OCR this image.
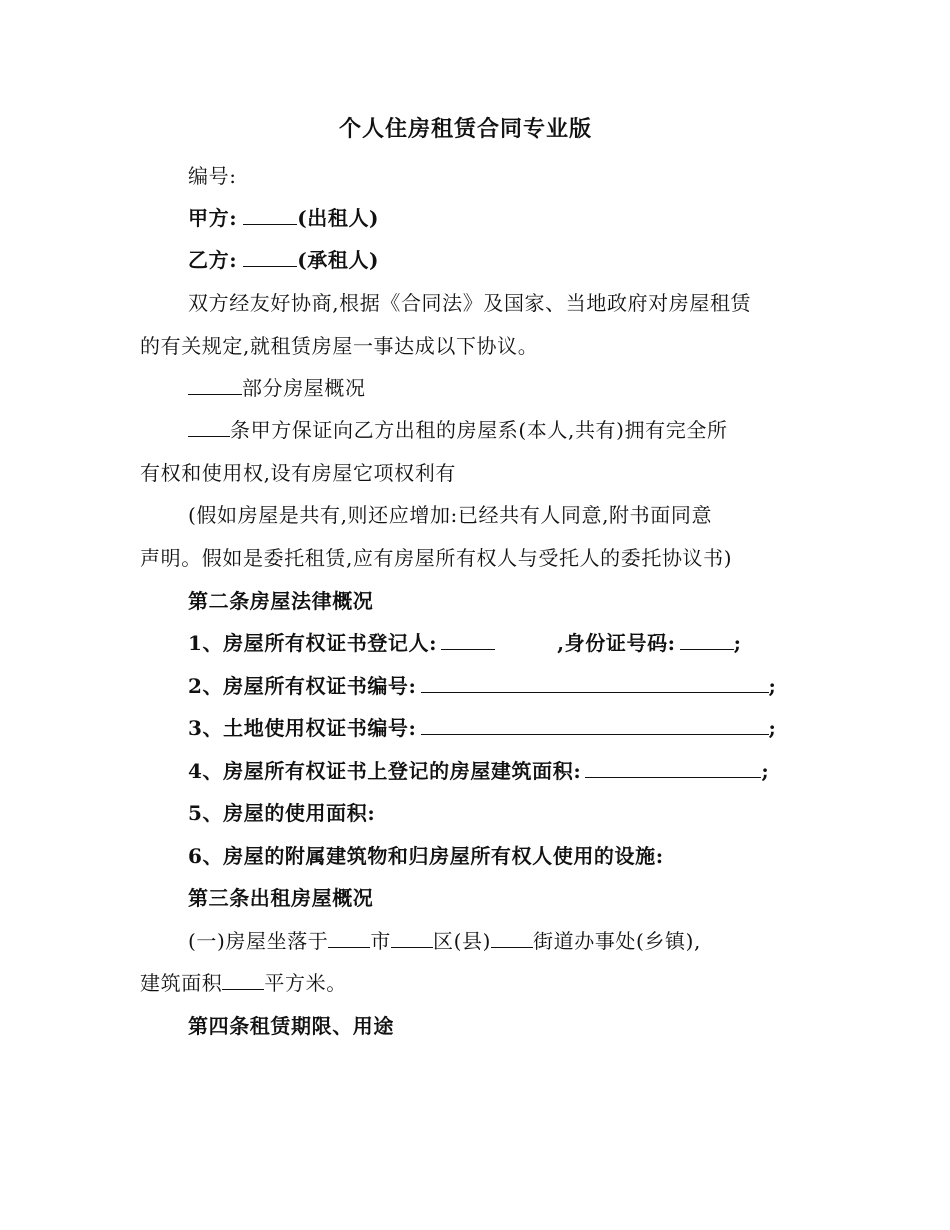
个人住房租赁合同专业版
编号:
甲方:	(出租人)
乙方:	(承租人)
双方经友好协商,根据《合同法》及国家、当地政府对房屋租赁
的有关规定,就租赁房屋一事达成以下协议。
部分房屋概况
条甲方保证向乙方出租的房屋系(本人,共有)拥有完全所
有权和使用权,设有房屋它项权利有
(假如房屋是共有,则还应增加:已经共有人同意,附书面同意
声明。假如是委托租赁,应有房屋所有权人与受托人的委托协议书)
第二条房屋法律概况
1、房屋所有权证书登记人:	,身份证号码:	;
2、房屋所有权证书编号:	;
3、土地使用权证书编号:	;
4、房屋所有权证书上登记的房屋建筑面积:	;
5、房屋的使用面积:
6、房屋的附属建筑物和归房屋所有权人使用的设施:
第三条出租房屋概况
(一)房屋坐落于 市 区(县) 街道办事处(乡镇),
建筑面积 平方米。
第四条租赁期限、用途
